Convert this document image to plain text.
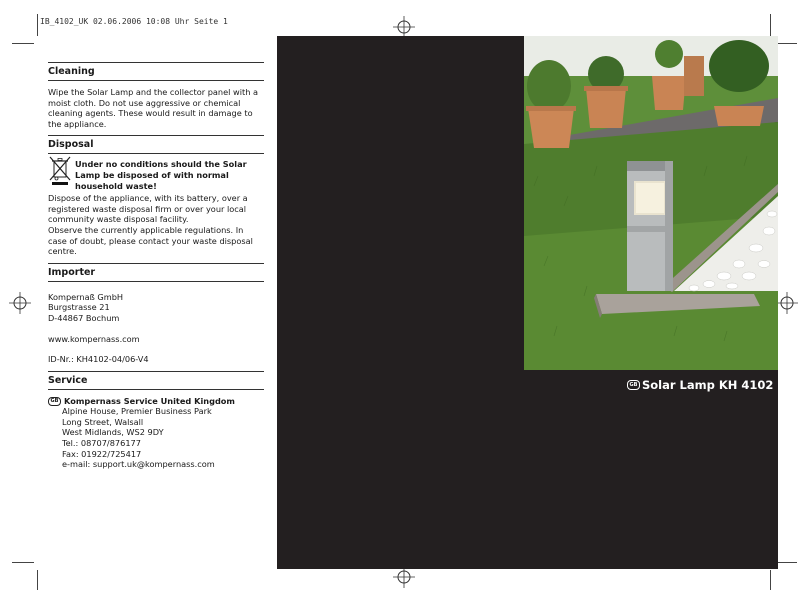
IB_4102_UK 02.06.2006 10:08 Uhr Seite 1
Cleaning
Wipe the Solar Lamp and the collector panel with a moist cloth. Do not use aggressive or chemical cleaning agents. These would result in damage to the appliance.
Disposal
Under no conditions should the Solar Lamp be disposed of with normal household waste!
Dispose of the appliance, with its battery, over a registered waste disposal firm or over your local community waste disposal facility.
Observe the currently applicable regulations. In case of doubt, please contact your waste disposal centre.
Importer
Kompernaß GmbH
Burgstrasse 21
D-44867 Bochum
www.kompernass.com
ID-Nr.: KH4102-04/06-V4
Service
GB Kompernass Service United Kingdom
Alpine House, Premier Business Park
Long Street, Walsall
West Midlands, WS2 9DY
Tel.: 08707/876177
Fax: 01922/725417
e-mail: support.uk@kompernass.com
GB Solar Lamp KH 4102
